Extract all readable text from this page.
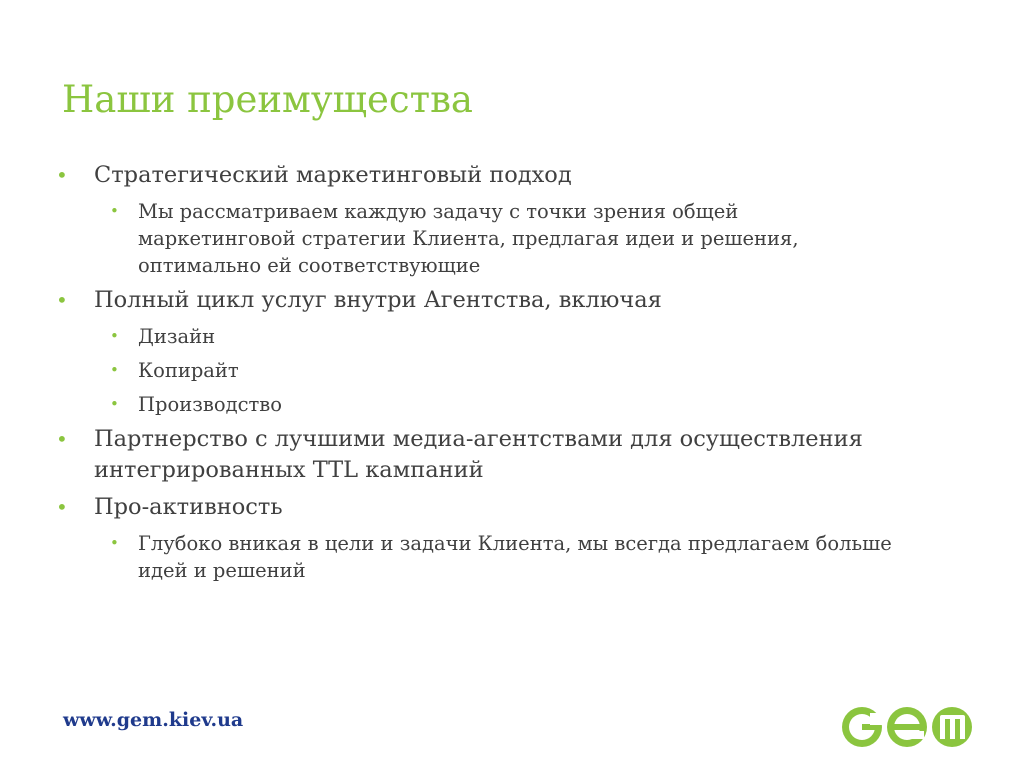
Наши преимущества
• Стратегический маркетинговый подход
• Мы рассматриваем каждую задачу с точки зрения общей маркетинговой стратегии Клиента, предлагая идеи и решения, оптимально ей соответствующие
• Полный цикл услуг внутри Агентства, включая
• Дизайн
• Копирайт
• Производство
• Партнерство с лучшими медиа-агентствами для осуществления интегрированных TTL кампаний
• Про-активность
• Глубоко вникая в цели и задачи Клиента, мы всегда предлагаем больше идей и решений
www.gem.kiev.ua
